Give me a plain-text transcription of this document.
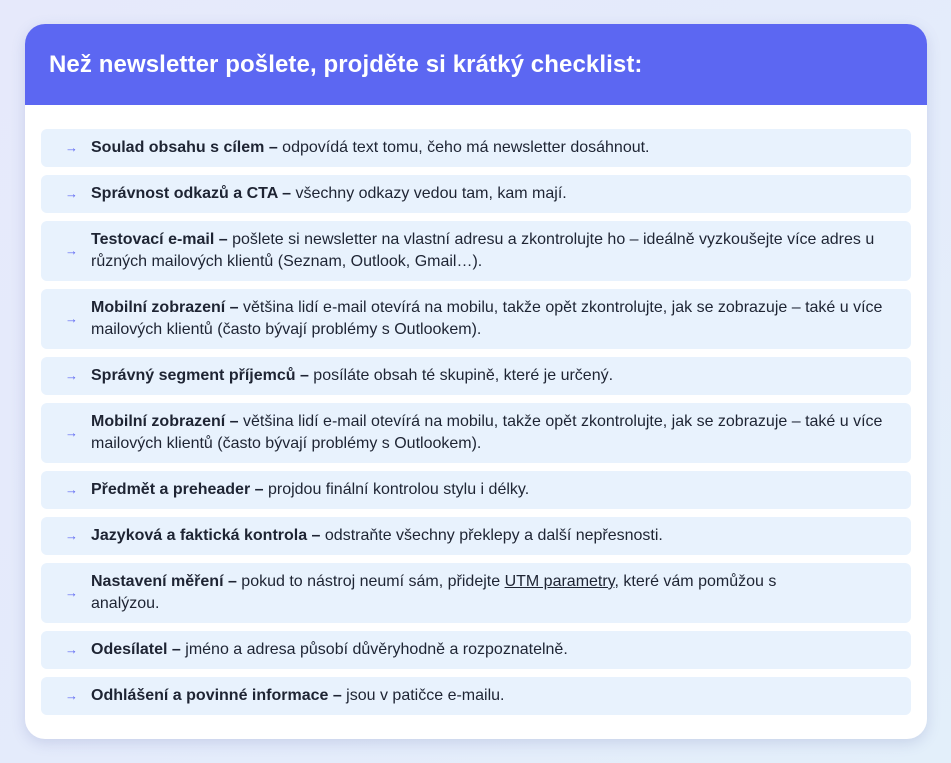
Než newsletter pošlete, projděte si krátký checklist:
→ Soulad obsahu s cílem – odpovídá text tomu, čeho má newsletter dosáhnout.
→ Správnost odkazů a CTA – všechny odkazy vedou tam, kam mají.
→
Testovací e-mail – pošlete si newsletter na vlastní adresu a zkontrolujte ho – ideálně vyzkoušejte více adres u různých mailových klientů (Seznam, Outlook, Gmail…).
→
Mobilní zobrazení – většina lidí e-mail otevírá na mobilu, takže opět zkontrolujte, jak se zobrazuje – také u více mailových klientů (často bývají problémy s Outlookem).
→ Správný segment příjemců – posíláte obsah té skupině, které je určený.
→
Mobilní zobrazení – většina lidí e-mail otevírá na mobilu, takže opět zkontrolujte, jak se zobrazuje – také u více mailových klientů (často bývají problémy s Outlookem).
→ Předmět a preheader – projdou finální kontrolou stylu i délky.
→ Jazyková a faktická kontrola – odstraňte všechny překlepy a další nepřesnosti.
→
Nastavení měření – pokud to nástroj neumí sám, přidejte UTM parametry, které vám pomůžou s analýzou.
→ Odesílatel – jméno a adresa působí důvěryhodně a rozpoznatelně.
→ Odhlášení a povinné informace – jsou v patičce e-mailu.
